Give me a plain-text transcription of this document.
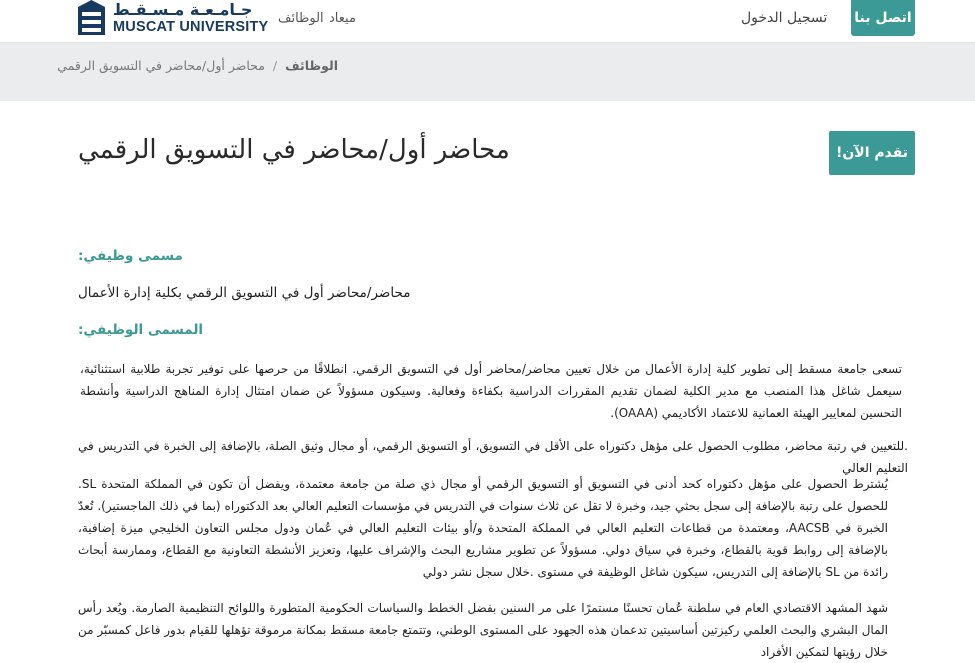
جـامـعـة مـسـقـط
MUSCAT UNIVERSITY
الوظائف ميعاد	تسجيل الدخول اتصل بنا
الوظائف
/
محاضر أول/محاضر في التسويق الرقمي
محاضر أول/محاضر في التسويق الرقمي	!تقدم الآن
مسمى وظيفي:
محاضر/محاضر أول في التسويق الرقمي بكلية إدارة الأعمال
المسمى الوظيفي:
تسعى جامعة مسقط إلى تطوير كلية إدارة الأعمال من خلال تعيين محاضر/محاضر أول في التسويق الرقمي. انطلاقًا من حرصها على توفير تجربة طلابية استثنائية، سيعمل شاغل هذا المنصب مع مدير الكلية لضمان تقديم المقررات الدراسية بكفاءة وفعالية. وسيكون مسؤولاً عن ضمان امتثال إدارة المناهج الدراسية وأنشطة التحسين لمعايير الهيئة العمانية للاعتماد الأكاديمي (OAAA).
.للتعيين في رتبة محاضر، مطلوب الحصول على مؤهل دكتوراه على الأقل في التسويق، أو التسويق الرقمي، أو مجال وثيق الصلة، بالإضافة إلى الخبرة في التدريس في التعليم العالي
يُشترط الحصول على مؤهل دكتوراه كحد أدنى في التسويق أو التسويق الرقمي أو مجال ذي صلة من جامعة معتمدة، ويفضل أن تكون في المملكة المتحدة SL. للحصول على رتبة بالإضافة إلى سجل بحثي جيد، وخبرة لا تقل عن ثلاث سنوات في التدريس في مؤسسات التعليم العالي بعد الدكتوراه (بما في ذلك الماجستير). تُعدّ الخبرة في AACSB، ومعتمدة من قطاعات التعليم العالي في المملكة المتحدة و/أو بيئات التعليم العالي في عُمان ودول مجلس التعاون الخليجي ميزة إضافية، بالإضافة إلى روابط قوية بالقطاع، وخبرة في سياق دولي. مسؤولاً عن تطوير مشاريع البحث والإشراف عليها، وتعزيز الأنشطة التعاونية مع القطاع، وممارسة أبحاث رائدة من SL بالإضافة إلى التدريس، سيكون شاغل الوظيفة في مستوى .خلال سجل نشر دولي
شهد المشهد الاقتصادي العام في سلطنة عُمان تحسنًا مستمرًا على مر السنين بفضل الخطط والسياسات الحكومية المتطورة واللوائح التنظيمية الصارمة. ويُعد رأس المال البشري والبحث العلمي ركيزتين أساسيتين تدعمان هذه الجهود على المستوى الوطني، وتتمتع جامعة مسقط بمكانة مرموقة تؤهلها للقيام بدور فاعل كمسبّر من خلال رؤيتها لتمكين الأفراد
